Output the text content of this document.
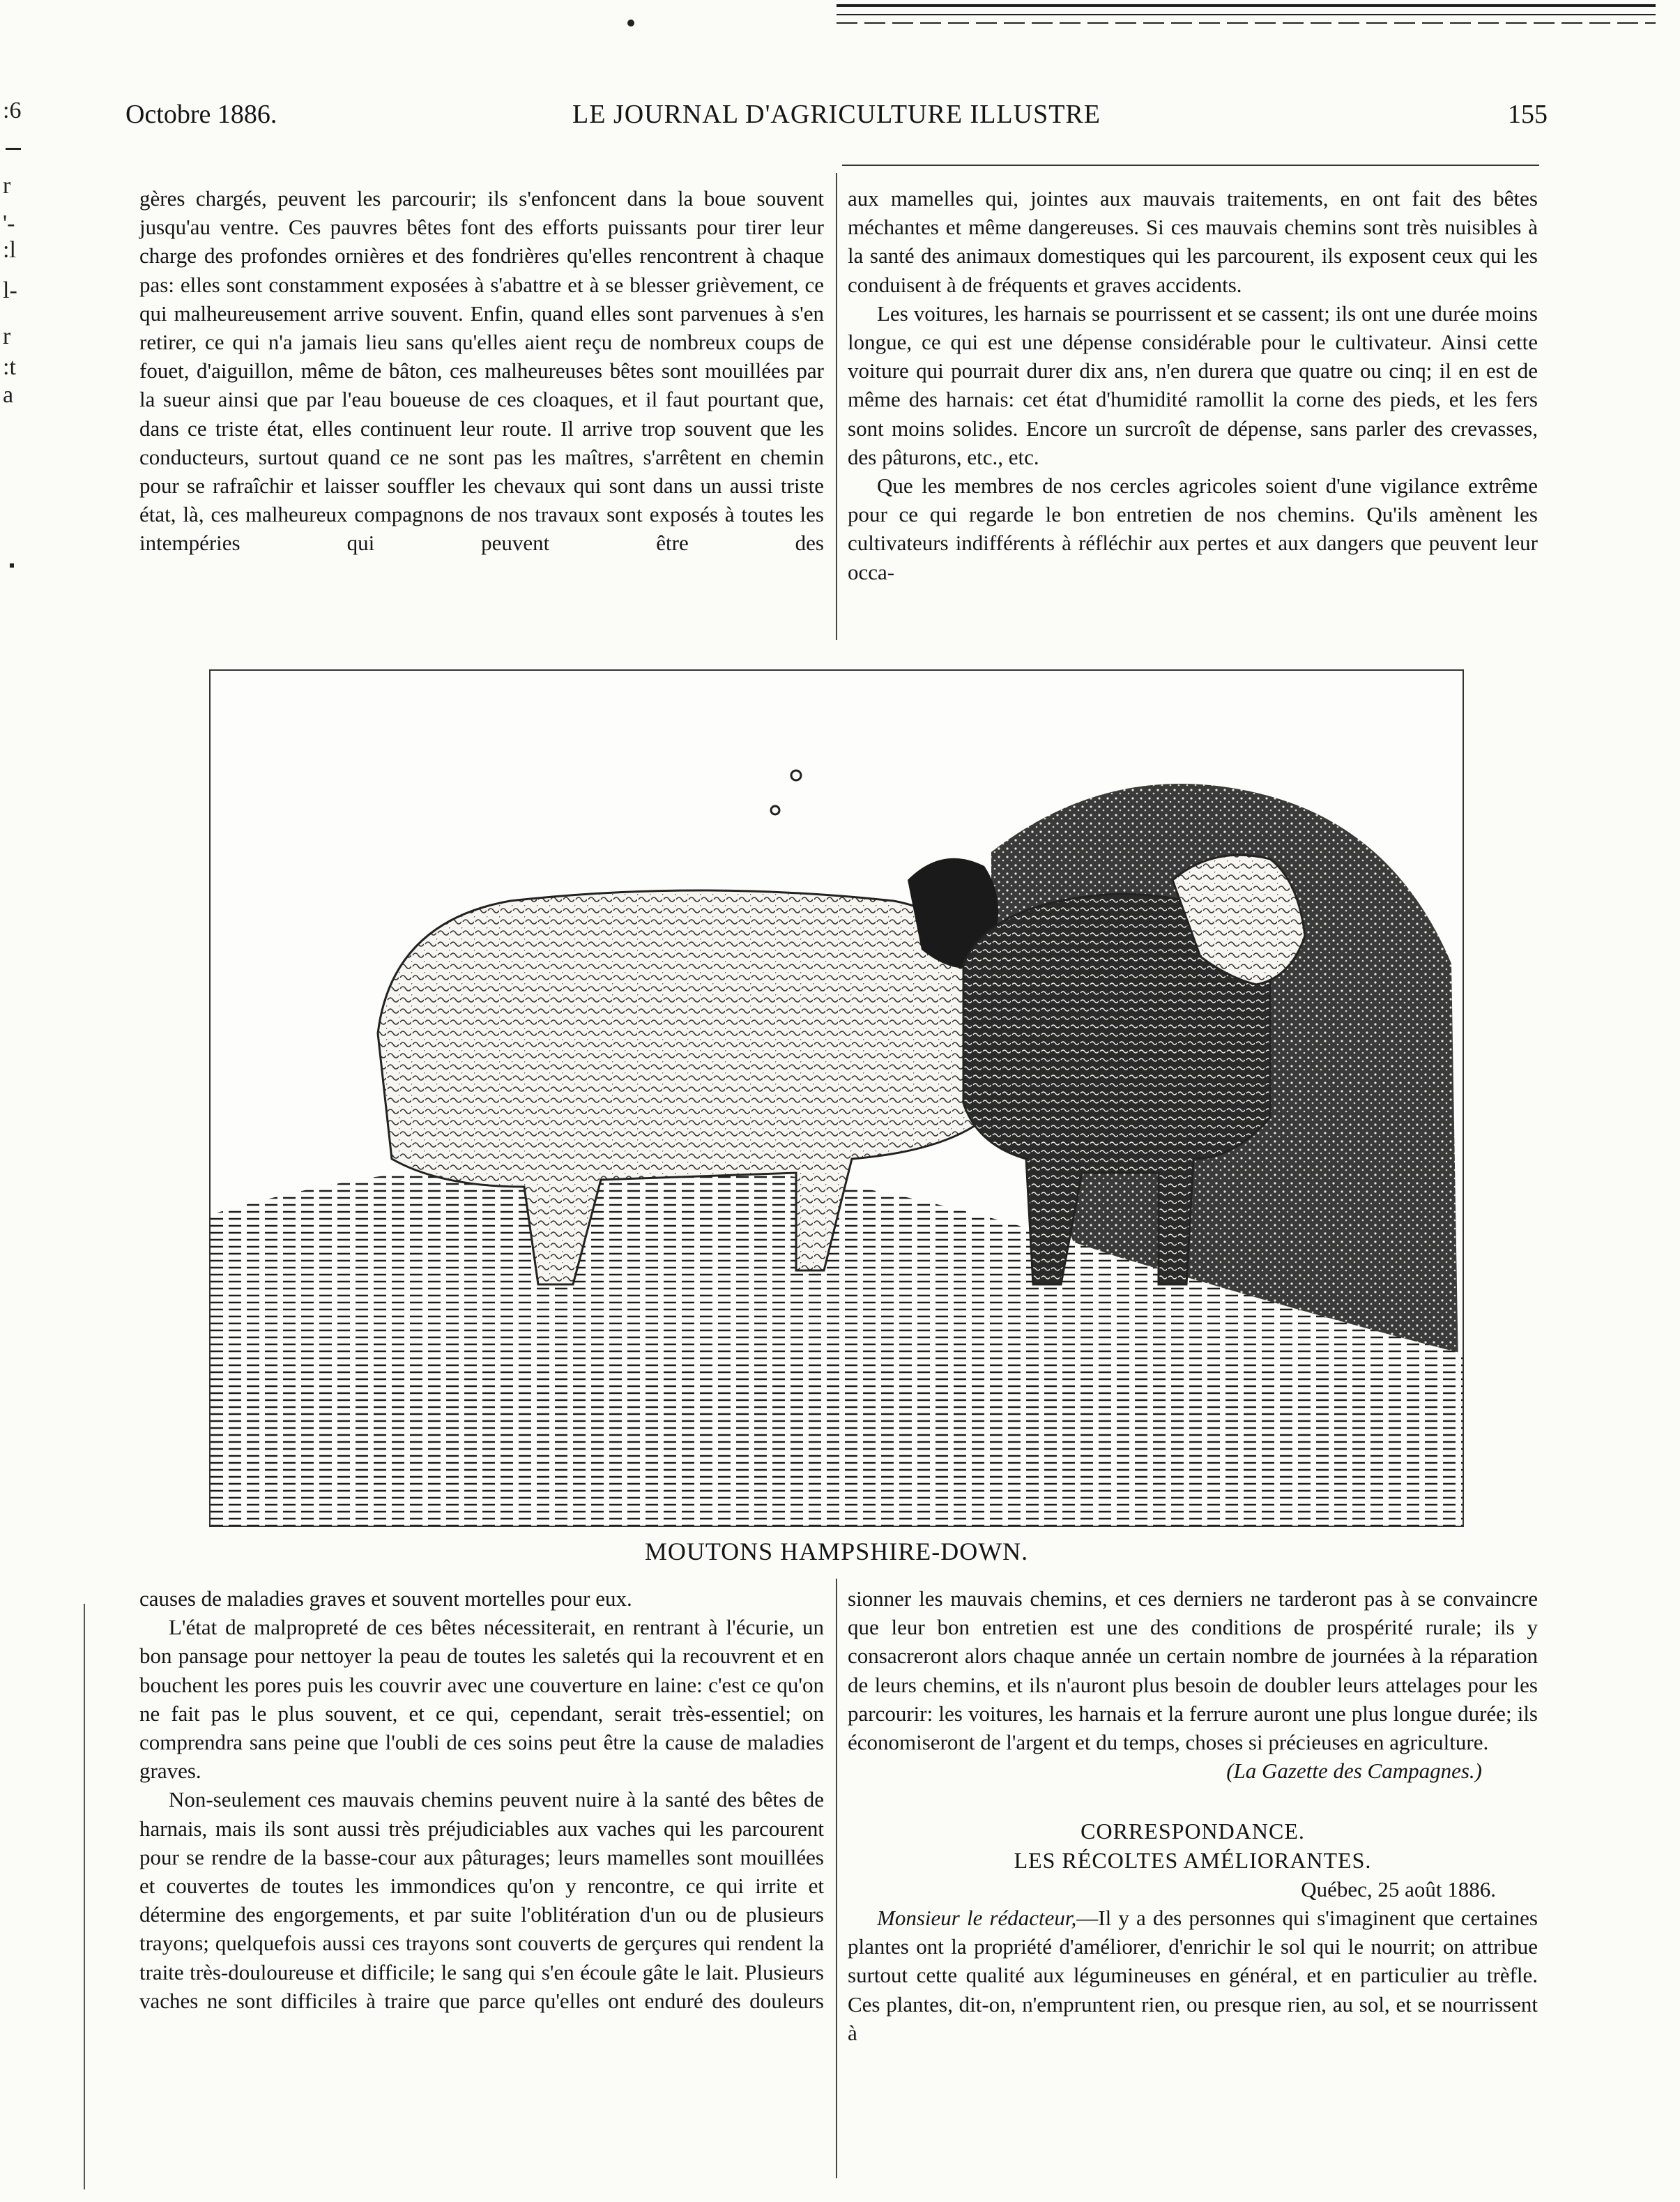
:6
r
'-
:l
l-
r
:t
a
Octobre 1886.	LE JOURNAL D'AGRICULTURE ILLUSTRE	155

gères chargés, peuvent les parcourir; ils s'enfoncent dans la boue souvent jusqu'au ventre. Ces pauvres bêtes font des efforts puissants pour tirer leur charge des profondes ornières et des fondrières qu'elles rencontrent à chaque pas: elles sont constamment exposées à s'abattre et à se blesser grièvement, ce qui malheureusement arrive souvent. Enfin, quand elles sont parvenues à s'en retirer, ce qui n'a jamais lieu sans qu'elles aient reçu de nombreux coups de fouet, d'aiguillon, même de bâton, ces malheureuses bêtes sont mouillées par la sueur ainsi que par l'eau boueuse de ces cloaques, et il faut pourtant que, dans ce triste état, elles continuent leur route. Il arrive trop souvent que les conducteurs, surtout quand ce ne sont pas les maîtres, s'arrêtent en chemin pour se rafraîchir et laisser souffler les chevaux qui sont dans un aussi triste état, là, ces malheureux compagnons de nos travaux sont exposés à toutes les intempéries qui peuvent être des

aux mamelles qui, jointes aux mauvais traitements, en ont fait des bêtes méchantes et même dangereuses. Si ces mauvais chemins sont très nuisibles à la santé des animaux domestiques qui les parcourent, ils exposent ceux qui les conduisent à de fréquents et graves accidents.

Les voitures, les harnais se pourrissent et se cassent; ils ont une durée moins longue, ce qui est une dépense considérable pour le cultivateur. Ainsi cette voiture qui pourrait durer dix ans, n'en durera que quatre ou cinq; il en est de même des harnais: cet état d'humidité ramollit la corne des pieds, et les fers sont moins solides. Encore un surcroît de dépense, sans parler des crevasses, des pâturons, etc., etc.

Que les membres de nos cercles agricoles soient d'une vigilance extrême pour ce qui regarde le bon entretien de nos chemins. Qu'ils amènent les cultivateurs indifférents à réfléchir aux pertes et aux dangers que peuvent leur occa-

MOUTONS HAMPSHIRE-DOWN.

causes de maladies graves et souvent mortelles pour eux.

L'état de malpropreté de ces bêtes nécessiterait, en rentrant à l'écurie, un bon pansage pour nettoyer la peau de toutes les saletés qui la recouvrent et en bouchent les pores puis les couvrir avec une couverture en laine: c'est ce qu'on ne fait pas le plus souvent, et ce qui, cependant, serait très-essentiel; on comprendra sans peine que l'oubli de ces soins peut être la cause de maladies graves.

Non-seulement ces mauvais chemins peuvent nuire à la santé des bêtes de harnais, mais ils sont aussi très préjudiciables aux vaches qui les parcourent pour se rendre de la basse-cour aux pâturages; leurs mamelles sont mouillées et couvertes de toutes les immondices qu'on y rencontre, ce qui irrite et détermine des engorgements, et par suite l'oblitération d'un ou de plusieurs trayons; quelquefois aussi ces trayons sont couverts de gerçures qui rendent la traite très-douloureuse et difficile; le sang qui s'en écoule gâte le lait. Plusieurs vaches ne sont difficiles à traire que parce qu'elles ont enduré des douleurs

sionner les mauvais chemins, et ces derniers ne tarderont pas à se convaincre que leur bon entretien est une des conditions de prospérité rurale; ils y consacreront alors chaque année un certain nombre de journées à la réparation de leurs chemins, et ils n'auront plus besoin de doubler leurs attelages pour les parcourir: les voitures, les harnais et la ferrure auront une plus longue durée; ils économiseront de l'argent et du temps, choses si précieuses en agriculture.

(La Gazette des Campagnes.)

CORRESPONDANCE.

LES RÉCOLTES AMÉLIORANTES.

Québec, 25 août 1886.

Monsieur le rédacteur,—Il y a des personnes qui s'imaginent que certaines plantes ont la propriété d'améliorer, d'enrichir le sol qui le nourrit; on attribue surtout cette qualité aux légumineuses en général, et en particulier au trèfle. Ces plantes, dit-on, n'empruntent rien, ou presque rien, au sol, et se nourrissent à
